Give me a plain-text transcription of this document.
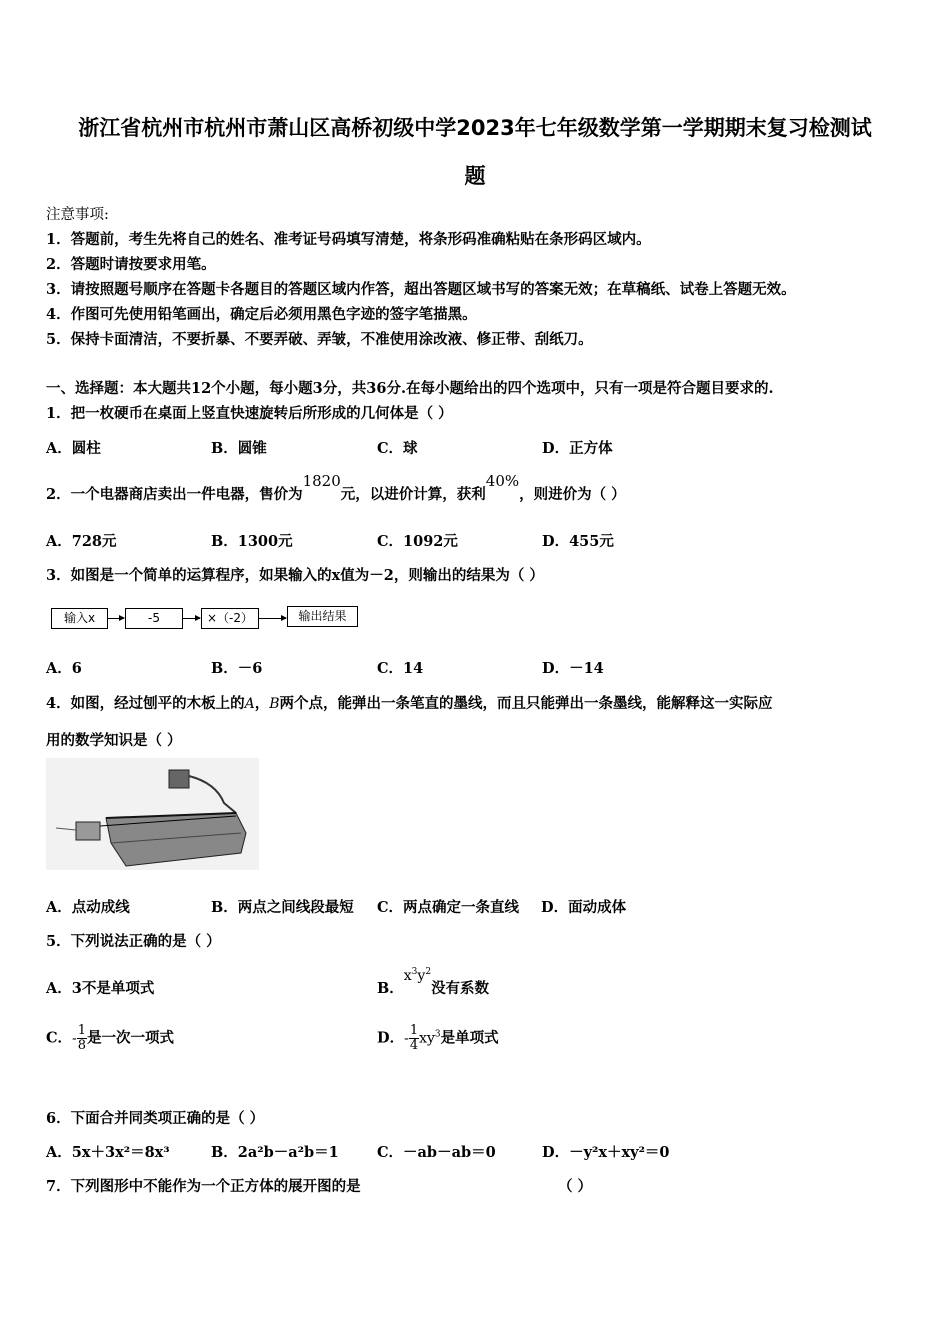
浙江省杭州市杭州市萧山区高桥初级中学2023年七年级数学第一学期期末复习检测试
题
注意事项:
1．答题前，考生先将自己的姓名、准考证号码填写清楚，将条形码准确粘贴在条形码区域内。
2．答题时请按要求用笔。
3．请按照题号顺序在答题卡各题目的答题区域内作答，超出答题区域书写的答案无效；在草稿纸、试卷上答题无效。
4．作图可先使用铅笔画出，确定后必须用黑色字迹的签字笔描黑。
5．保持卡面清洁，不要折暴、不要弄破、弄皱，不准使用涂改液、修正带、刮纸刀。
一、选择题：本大题共12个小题，每小题3分，共36分.在每小题给出的四个选项中，只有一项是符合题目要求的.
1．把一枚硬币在桌面上竖直快速旋转后所形成的几何体是（ ）
A．圆柱	B．圆锥	C．球	D．正方体
2．一个电器商店卖出一件电器，售价为1820元，以进价计算，获利40%，则进价为（ ）
A．728元	B．1300元	C．1092元	D．455元
3．如图是一个简单的运算程序，如果输入的x值为－2，则输出的结果为（ ）
输入x	-5	×（-2）	输出结果
A．6	B．－6	C．14	D．－14
4．如图，经过刨平的木板上的A，B两个点，能弹出一条笔直的墨线，而且只能弹出一条墨线，能解释这一实际应
用的数学知识是（ ）
A．点动成线	B．两点之间线段最短 C．两点确定一条直线 D．面动成体
5．下列说法正确的是（ ）
A．3不是单项式	B．$x^3y^2$没有系数
C．- $\frac{1}{8}$ 是一次一项式	D．- $\frac{1}{4} xy^3$是单项式
6．下面合并同类项正确的是（ ）
A．5x＋3x²＝8x³	B．2a²b－a²b＝1	C．－ab－ab＝0	D．－y²x＋xy²＝0
7．下列图形中不能作为一个正方体的展开图的是	（ ）
